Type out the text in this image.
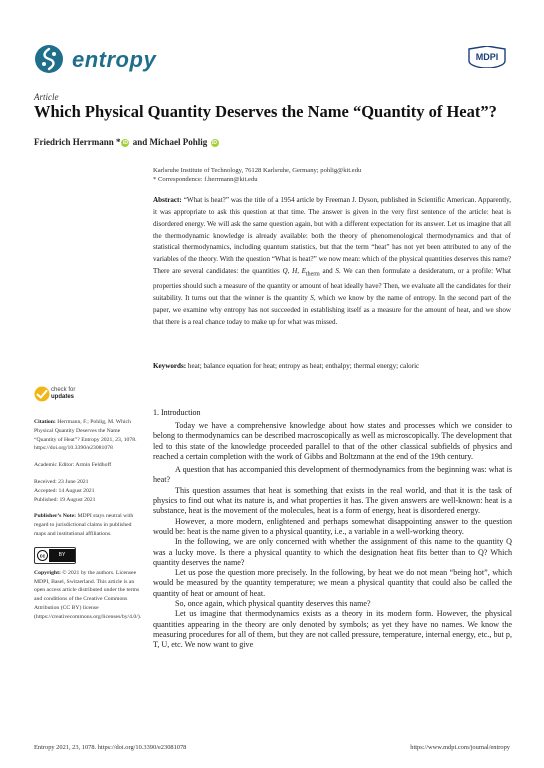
entropy	MDPI
Article
Which Physical Quantity Deserves the Name “Quantity of Heat”?
Friedrich Herrmann * iD and Michael Pohlig iD
Karlsruhe Institute of Technology, 76128 Karlsruhe, Germany; pohlig@kit.edu
* Correspondence: f.herrmann@kit.edu
Abstract: “What is heat?” was the title of a 1954 article by Freeman J. Dyson, published in Scientific American. Apparently, it was appropriate to ask this question at that time. The answer is given in the very first sentence of the article: heat is disordered energy. We will ask the same question again, but with a different expectation for its answer. Let us imagine that all the thermodynamic knowledge is already available: both the theory of phenomenological thermodynamics and that of statistical thermodynamics, including quantum statistics, but that the term “heat” has not yet been attributed to any of the variables of the theory. With the question “What is heat?” we now mean: which of the physical quantities deserves this name? There are several candidates: the quantities Q, H, $E_{therm}$ and S. We can then formulate a desideratum, or a profile: What properties should such a measure of the quantity or amount of heat ideally have? Then, we evaluate all the candidates for their suitability. It turns out that the winner is the quantity S, which we know by the name of entropy. In the second part of the paper, we examine why entropy has not succeeded in establishing itself as a measure for the amount of heat, and we show that there is a real chance today to make up for what was missed.
Keywords: heat; balance equation for heat; entropy as heat; enthalpy; thermal energy; caloric
check for
updates
Citation: Herrmann, F.; Pohlig, M. Which Physical Quantity Deserves the Name “Quantity of Heat”? Entropy 2021, 23, 1078. https://doi.org/10.3390/e23081078
Academic Editor: Armin Feldhoff
Received: 23 June 2021
Accepted: 14 August 2021
Published: 19 August 2021
Publisher’s Note: MDPI stays neutral with regard to jurisdictional claims in published maps and institutional affiliations.
cc	BY
Copyright: © 2021 by the authors. Licensee MDPI, Basel, Switzerland. This article is an open access article distributed under the terms and conditions of the Creative Commons Attribution (CC BY) license (https://creativecommons.org/licenses/by/4.0/).
1. Introduction

Today we have a comprehensive knowledge about how states and processes which we consider to belong to thermodynamics can be described macroscopically as well as microscopically. The development that led to this state of the knowledge proceeded parallel to that of the other classical subfields of physics and reached a certain completion with the work of Gibbs and Boltzmann at the end of the 19th century.

A question that has accompanied this development of thermodynamics from the beginning was: what is heat?

This question assumes that heat is something that exists in the real world, and that it is the task of physics to find out what its nature is, and what properties it has. The given answers are well-known: heat is a substance, heat is the movement of the molecules, heat is a form of energy, heat is disordered energy.

However, a more modern, enlightened and perhaps somewhat disappointing answer to the question would be: heat is the name given to a physical quantity, i.e., a variable in a well-working theory.

In the following, we are only concerned with whether the assignment of this name to the quantity Q was a lucky move. Is there a physical quantity to which the designation heat fits better than to Q? Which quantity deserves the name?

Let us pose the question more precisely. In the following, by heat we do not mean “being hot”, which would be measured by the quantity temperature; we mean a physical quantity that could also be called the quantity of heat or amount of heat.

So, once again, which physical quantity deserves this name?

Let us imagine that thermodynamics exists as a theory in its modern form. However, the physical quantities appearing in the theory are only denoted by symbols; as yet they have no names. We know the measuring procedures for all of them, but they are not called pressure, temperature, internal energy, etc., but p, T, U, etc. We now want to give

Entropy 2021, 23, 1078. https://doi.org/10.3390/e23081078	https://www.mdpi.com/journal/entropy
